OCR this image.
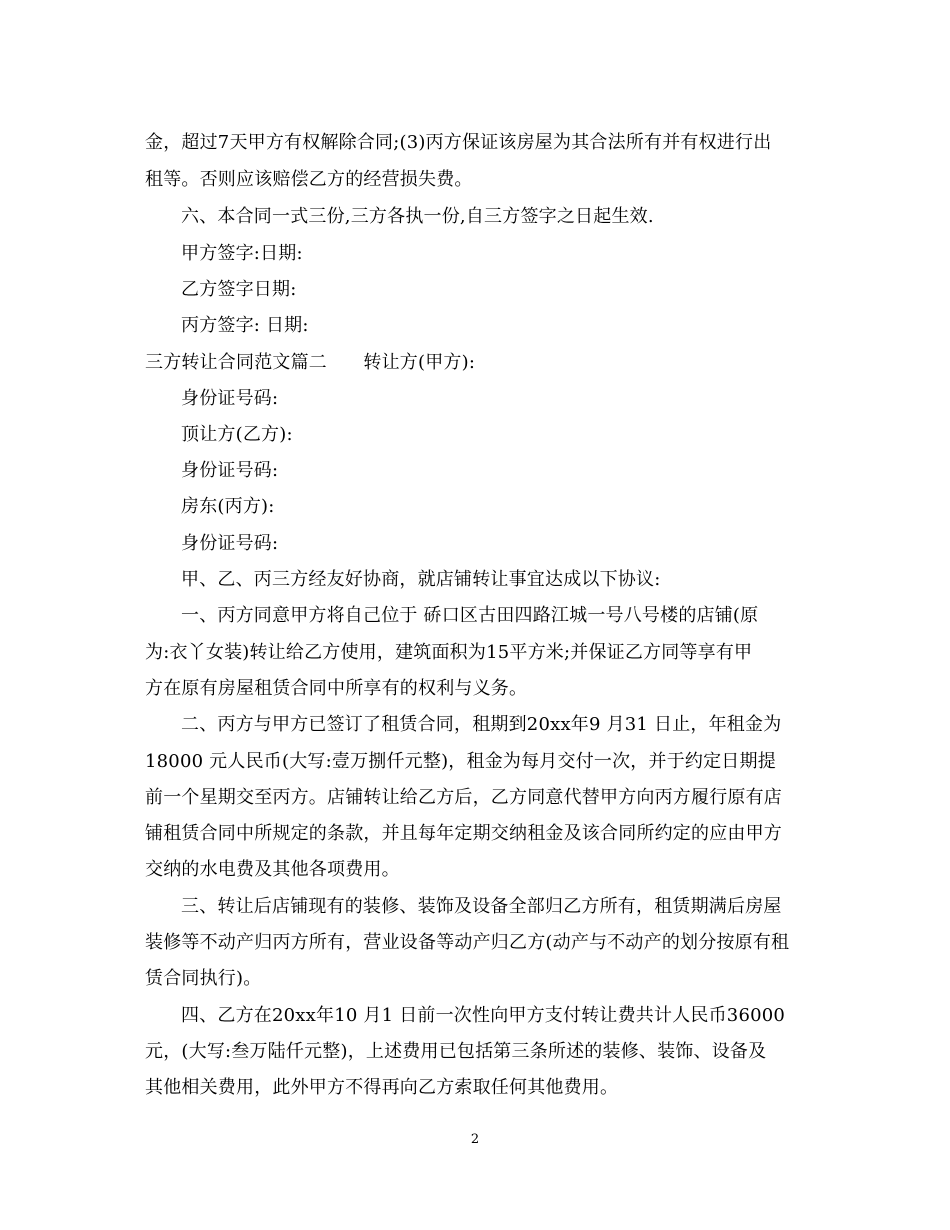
金，超过7天甲方有权解除合同;(3)丙方保证该房屋为其合法所有并有权进行出
租等。否则应该赔偿乙方的经营损失费。
六、本合同一式三份,三方各执一份,自三方签字之日起生效.
甲方签字:日期:
乙方签字日期:
丙方签字: 日期:
三方转让合同范文篇二　　转让方(甲方):
身份证号码:
顶让方(乙方):
身份证号码:
房东(丙方):
身份证号码:
甲、乙、丙三方经友好协商，就店铺转让事宜达成以下协议:
一、丙方同意甲方将自己位于 硚口区古田四路江城一号八号楼的店铺(原
为:衣丫女装)转让给乙方使用，建筑面积为15平方米;并保证乙方同等享有甲
方在原有房屋租赁合同中所享有的权利与义务。
二、丙方与甲方已签订了租赁合同，租期到20xx年9 月31 日止，年租金为
18000 元人民币(大写:壹万捌仟元整)，租金为每月交付一次，并于约定日期提
前一个星期交至丙方。店铺转让给乙方后，乙方同意代替甲方向丙方履行原有店
铺租赁合同中所规定的条款，并且每年定期交纳租金及该合同所约定的应由甲方
交纳的水电费及其他各项费用。
三、转让后店铺现有的装修、装饰及设备全部归乙方所有，租赁期满后房屋
装修等不动产归丙方所有，营业设备等动产归乙方(动产与不动产的划分按原有租
赁合同执行)。
四、乙方在20xx年10 月1 日前一次性向甲方支付转让费共计人民币36000
元，(大写:叁万陆仟元整)，上述费用已包括第三条所述的装修、装饰、设备及
其他相关费用，此外甲方不得再向乙方索取任何其他费用。
2
